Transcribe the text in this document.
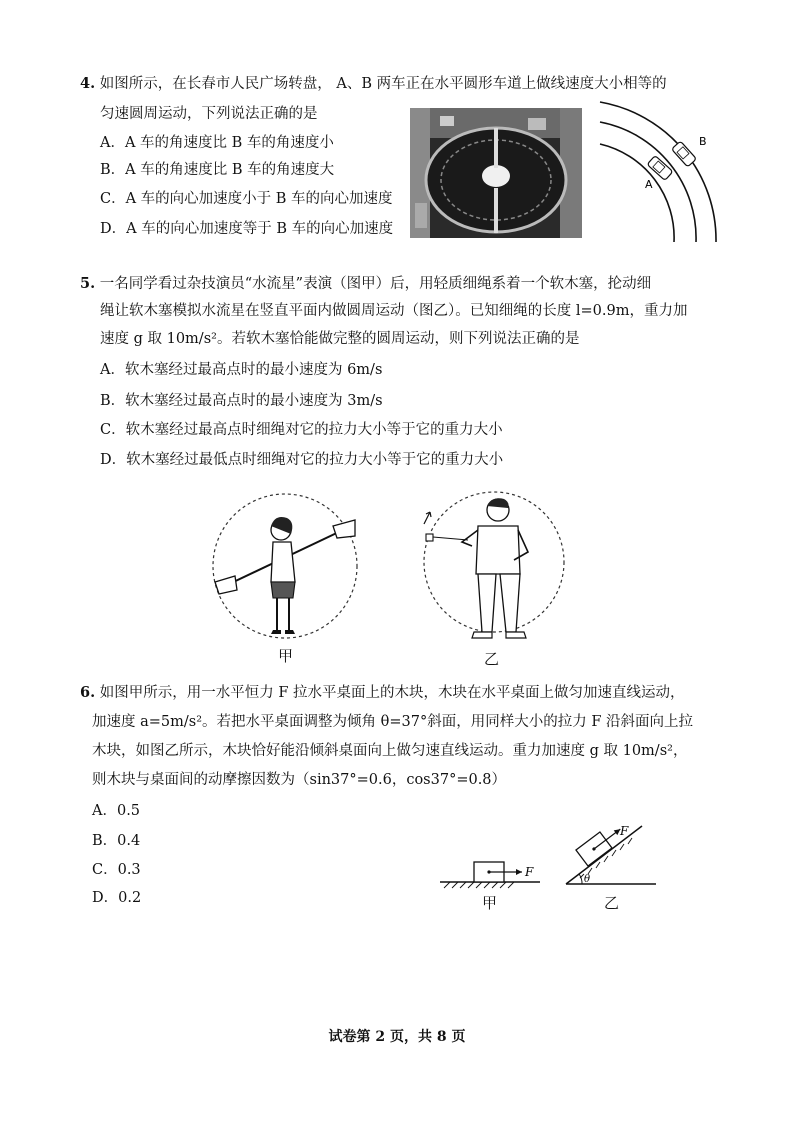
4. 如图所示，在长春市人民广场转盘， A、B 两车正在水平圆形车道上做线速度大小相等的
匀速圆周运动，下列说法正确的是
A．A 车的角速度比 B 车的角速度小
B．A 车的角速度比 B 车的角速度大
C．A 车的向心加速度小于 B 车的向心加速度
D．A 车的向心加速度等于 B 车的向心加速度
A
B
5. 一名同学看过杂技演员“水流星”表演（图甲）后，用轻质细绳系着一个软木塞，抡动细
绳让软木塞模拟水流星在竖直平面内做圆周运动（图乙）。已知细绳的长度 l=0.9m，重力加
速度 g 取 10m/s²。若软木塞恰能做完整的圆周运动，则下列说法正确的是
A．软木塞经过最高点时的最小速度为 6m/s
B．软木塞经过最高点时的最小速度为 3m/s
C．软木塞经过最高点时细绳对它的拉力大小等于它的重力大小
D．软木塞经过最低点时细绳对它的拉力大小等于它的重力大小
甲	乙
6. 如图甲所示，用一水平恒力 F 拉水平桌面上的木块，木块在水平桌面上做匀加速直线运动，
加速度 a=5m/s²。若把水平桌面调整为倾角 θ=37°斜面，用同样大小的拉力 F 沿斜面向上拉
木块，如图乙所示，木块恰好能沿倾斜桌面向上做匀速直线运动。重力加速度 g 取 10m/s²，
则木块与桌面间的动摩擦因数为（sin37°=0.6，cos37°=0.8）
A．0.5
B．0.4
C．0.3
D．0.2
F
甲
F
θ
乙
试卷第 2 页，共 8 页
